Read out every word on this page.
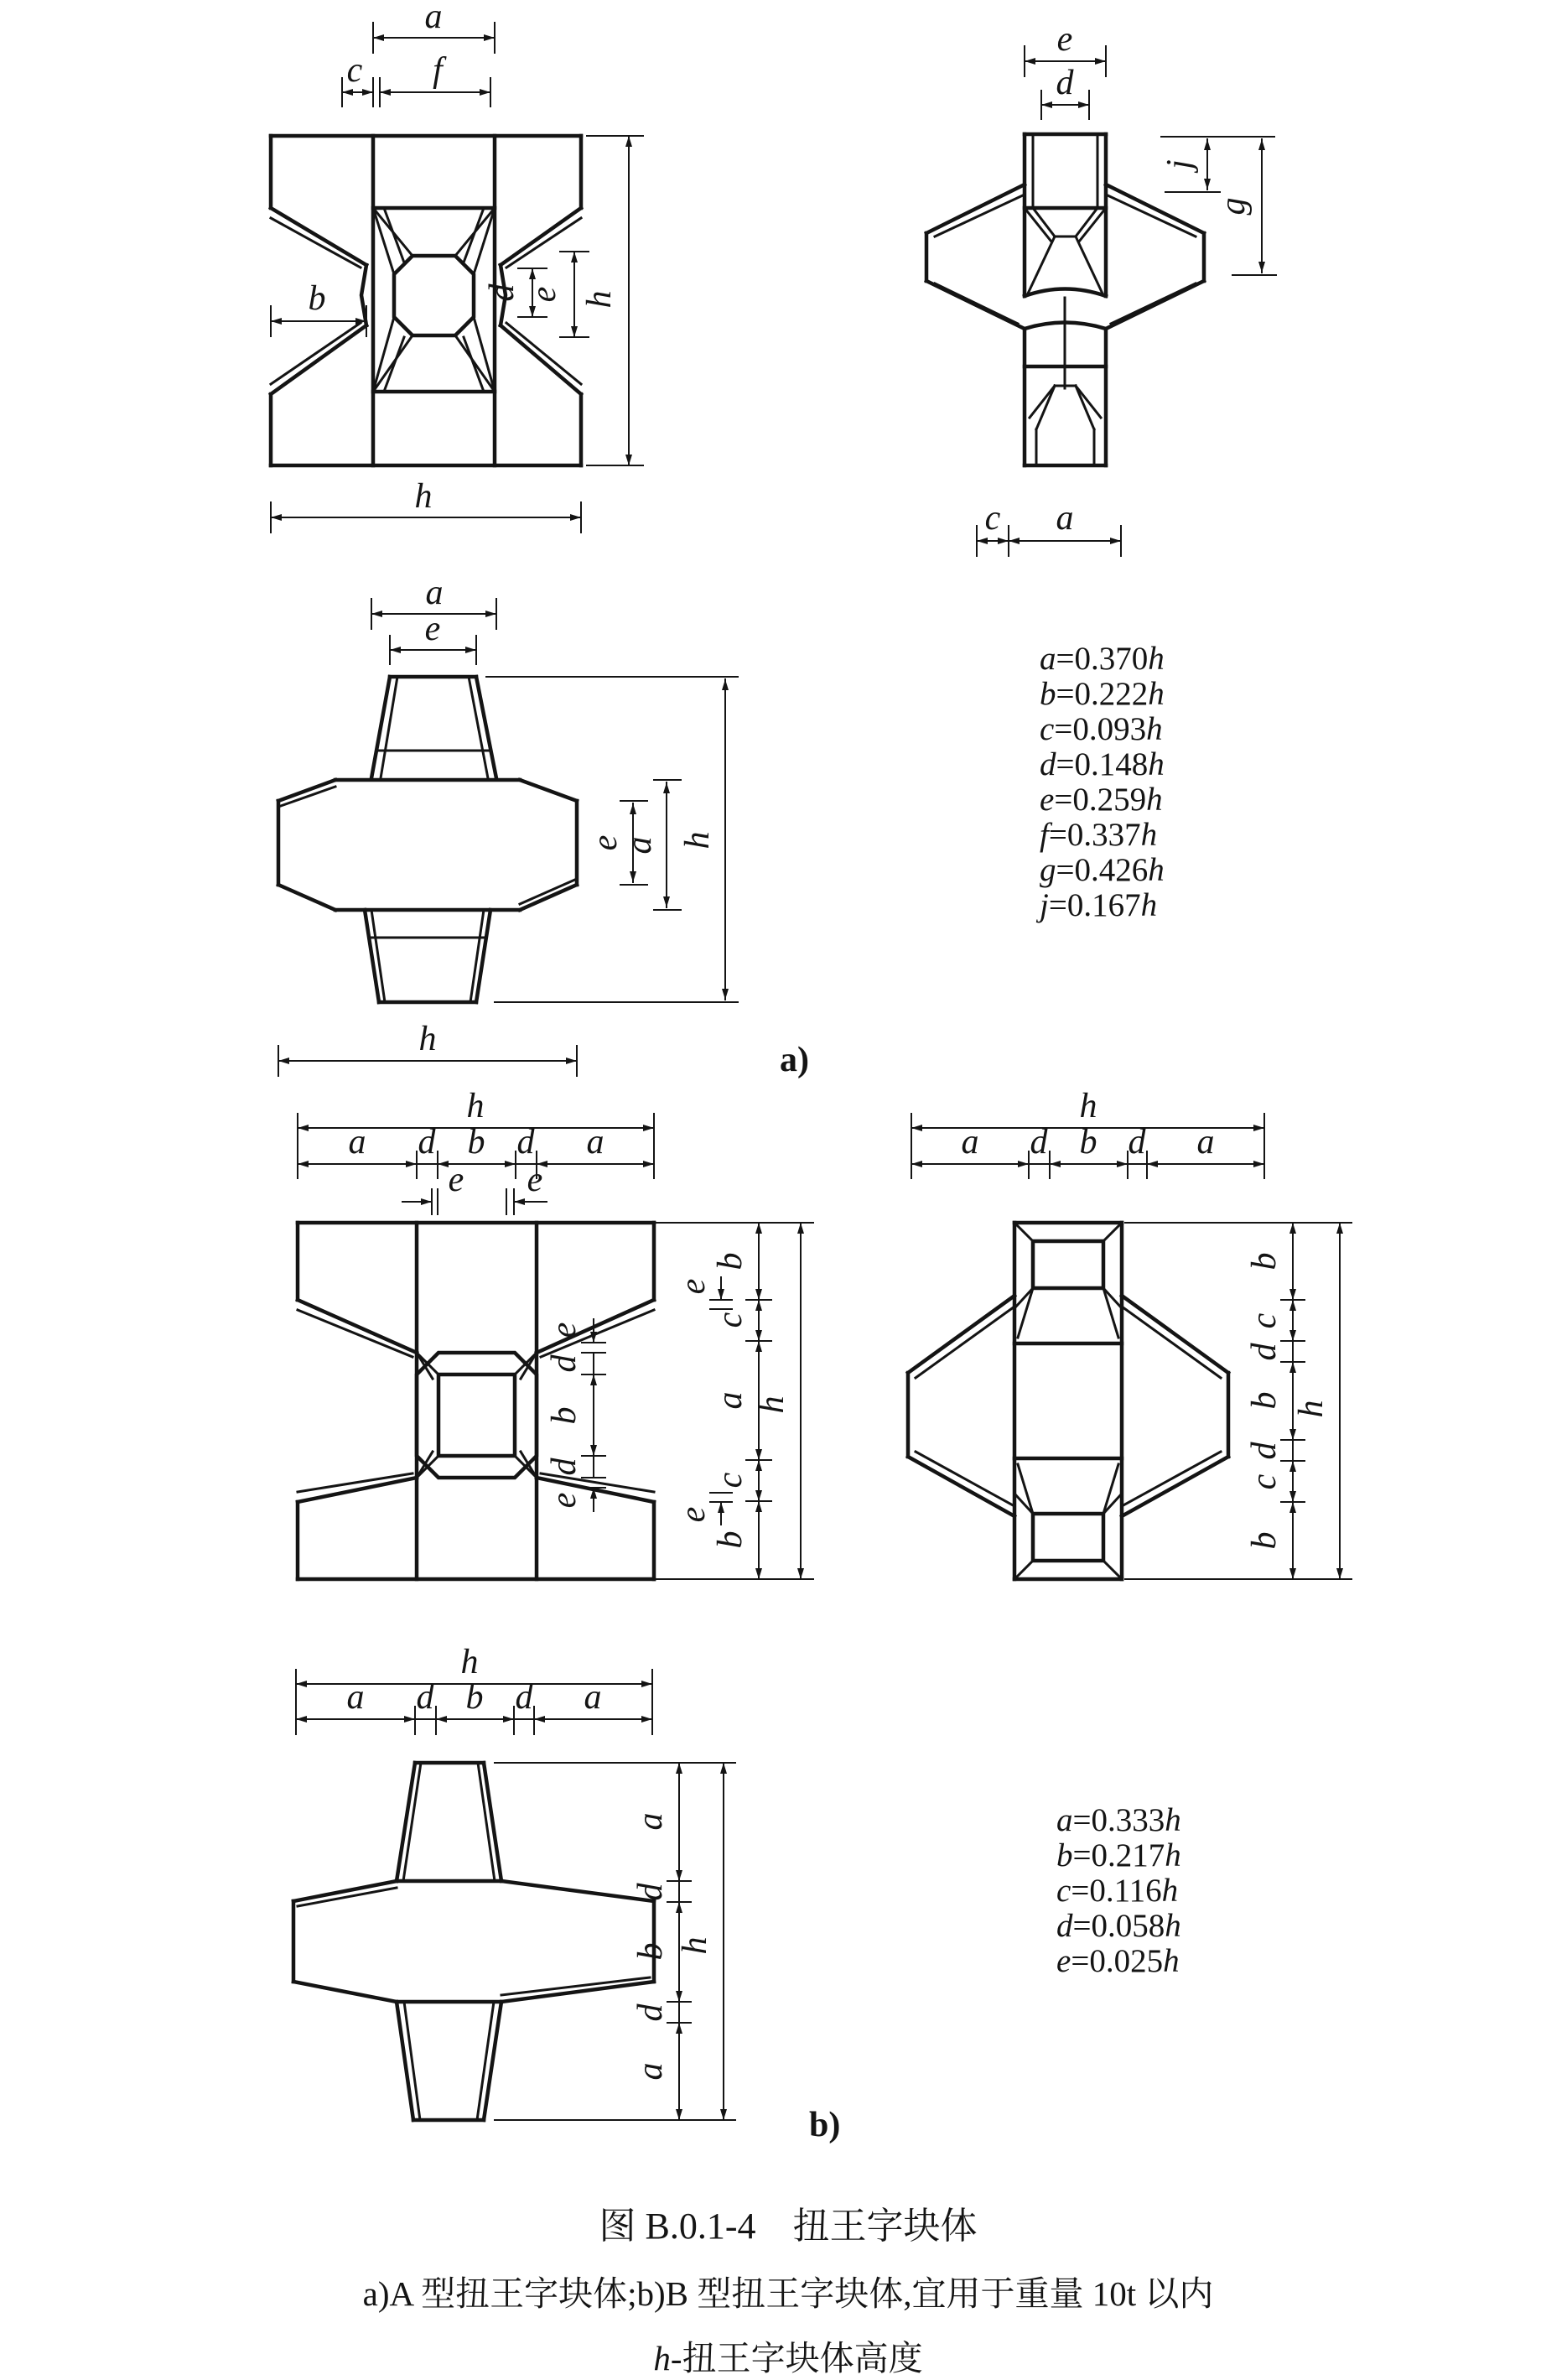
a
c f
b	d e h
h
e
d
j
g
c a
a
e
e
a h
h
a)
a=0.370h
b=0.222h
c=0.093h
d=0.148h
e=0.259h
f=0.337h
g=0.426h
j=0.167h
h
a d b d a
e e
e
d
b
d
e
e
e
b
c
a
c
b
h
h
a d b d a
b
c
d
b
d
c
b
h
h
a d b d a
a
d
b
d
a
h
b)
a=0.333h
b=0.217h
c=0.116h
d=0.058h
e=0.025h
图 B.0.1-4　扭王字块体
a)A 型扭王字块体;b)B 型扭王字块体,宜用于重量 10t 以内
h-扭王字块体高度
